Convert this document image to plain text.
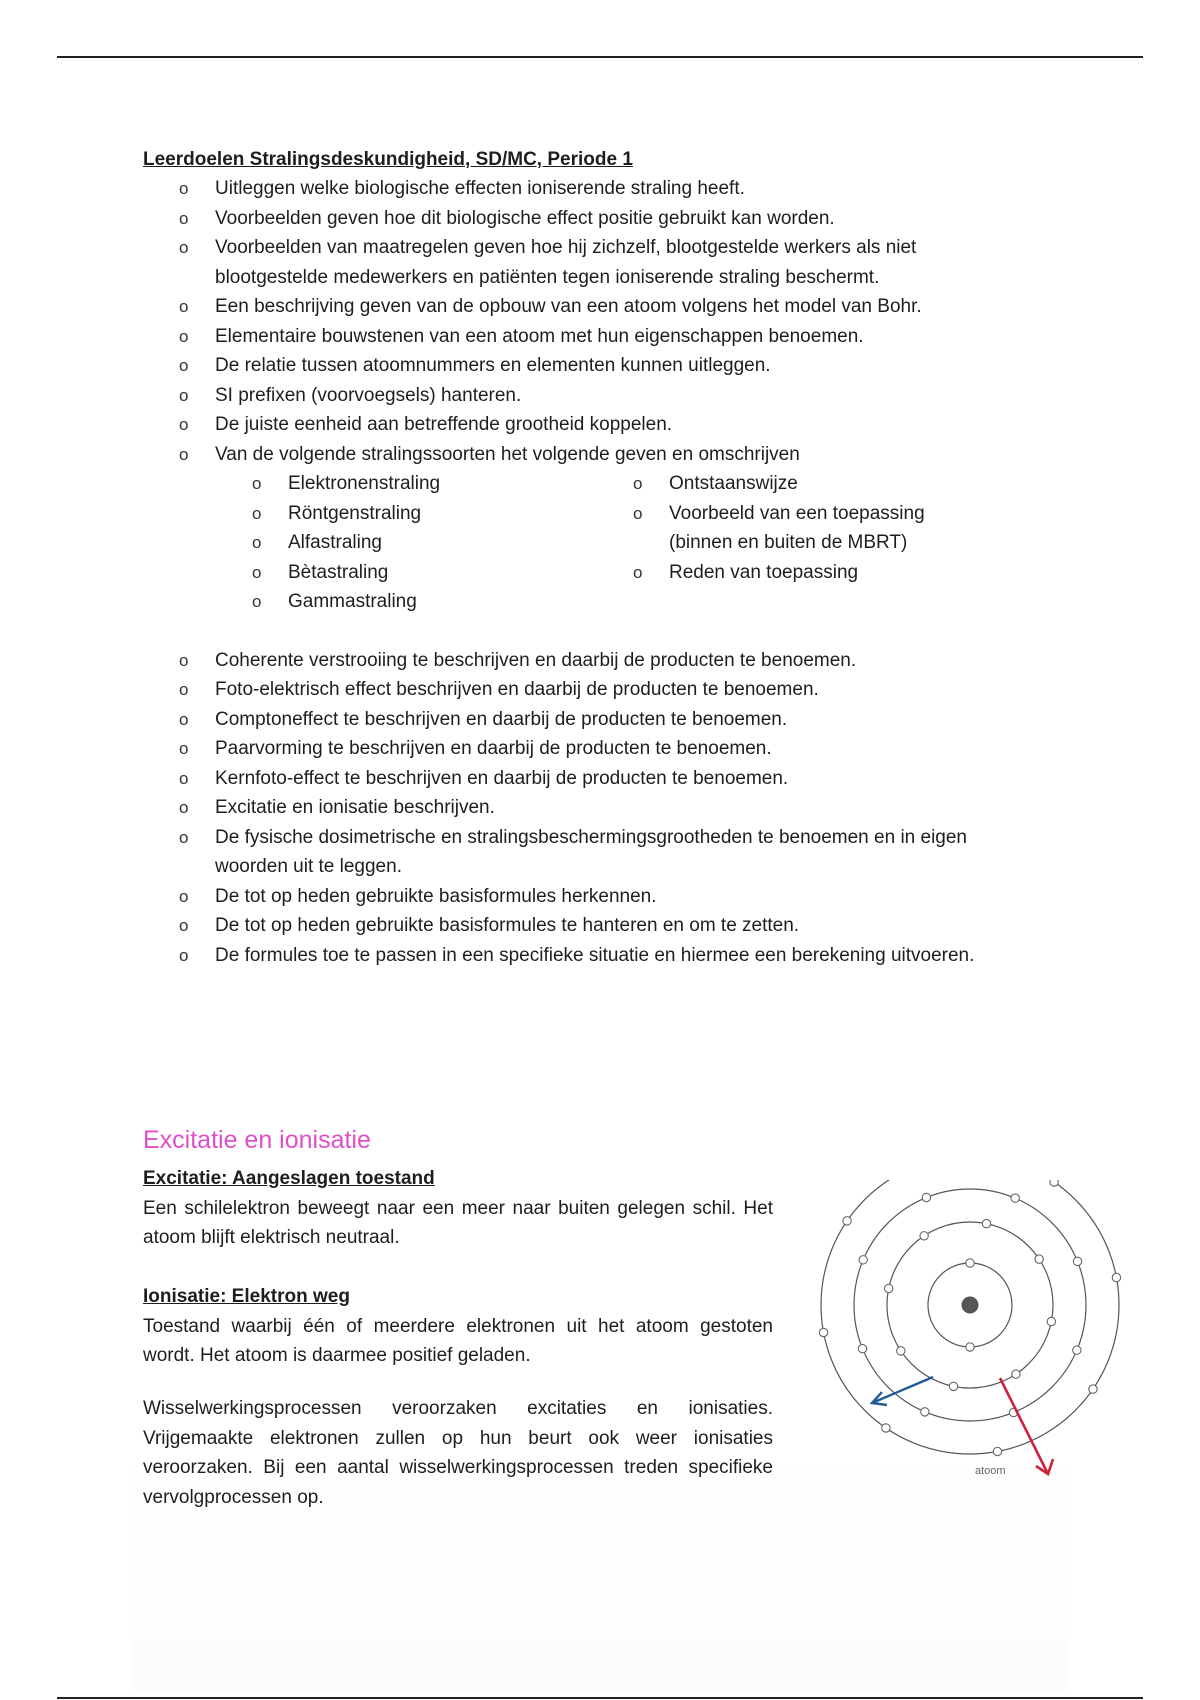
Leerdoelen Stralingsdeskundigheid, SD/MC, Periode 1

o Uitleggen welke biologische effecten ioniserende straling heeft.
o Voorbeelden geven hoe dit biologische effect positie gebruikt kan worden.
o Voorbeelden van maatregelen geven hoe hij zichzelf, blootgestelde werkers als niet blootgestelde medewerkers en patiënten tegen ioniserende straling beschermt.
o Een beschrijving geven van de opbouw van een atoom volgens het model van Bohr.
o Elementaire bouwstenen van een atoom met hun eigenschappen benoemen.
o De relatie tussen atoomnummers en elementen kunnen uitleggen.
o SI prefixen (voorvoegsels) hanteren.
o De juiste eenheid aan betreffende grootheid koppelen.
o Van de volgende stralingssoorten het volgende geven en omschrijven
o Elektronenstraling
o Röntgenstraling
o Alfastraling
o Bètastraling
o Gammastraling
o Ontstaanswijze
o Voorbeeld van een toepassing (binnen en buiten de MBRT)
o Reden van toepassing
o Coherente verstrooiing te beschrijven en daarbij de producten te benoemen.
o Foto-elektrisch effect beschrijven en daarbij de producten te benoemen.
o Comptoneffect te beschrijven en daarbij de producten te benoemen.
o Paarvorming te beschrijven en daarbij de producten te benoemen.
o Kernfoto-effect te beschrijven en daarbij de producten te benoemen.
o Excitatie en ionisatie beschrijven.
o De fysische dosimetrische en stralingsbeschermingsgrootheden te benoemen en in eigen woorden uit te leggen.
o De tot op heden gebruikte basisformules herkennen.
o De tot op heden gebruikte basisformules te hanteren en om te zetten.
o De formules toe te passen in een specifieke situatie en hiermee een berekening uitvoeren.
Excitatie en ionisatie
Excitatie: Aangeslagen toestand

Een schilelektron beweegt naar een meer naar buiten gelegen schil. Het atoom blijft elektrisch neutraal.

Ionisatie: Elektron weg

Toestand waarbij één of meerdere elektronen uit het atoom gestoten wordt. Het atoom is daarmee positief geladen.

Wisselwerkingsprocessen veroorzaken excitaties en ionisaties. Vrijgemaakte elektronen zullen op hun beurt ook weer ionisaties veroorzaken. Bij een aantal wisselwerkingsprocessen treden specifieke vervolgprocessen op.

atoom
